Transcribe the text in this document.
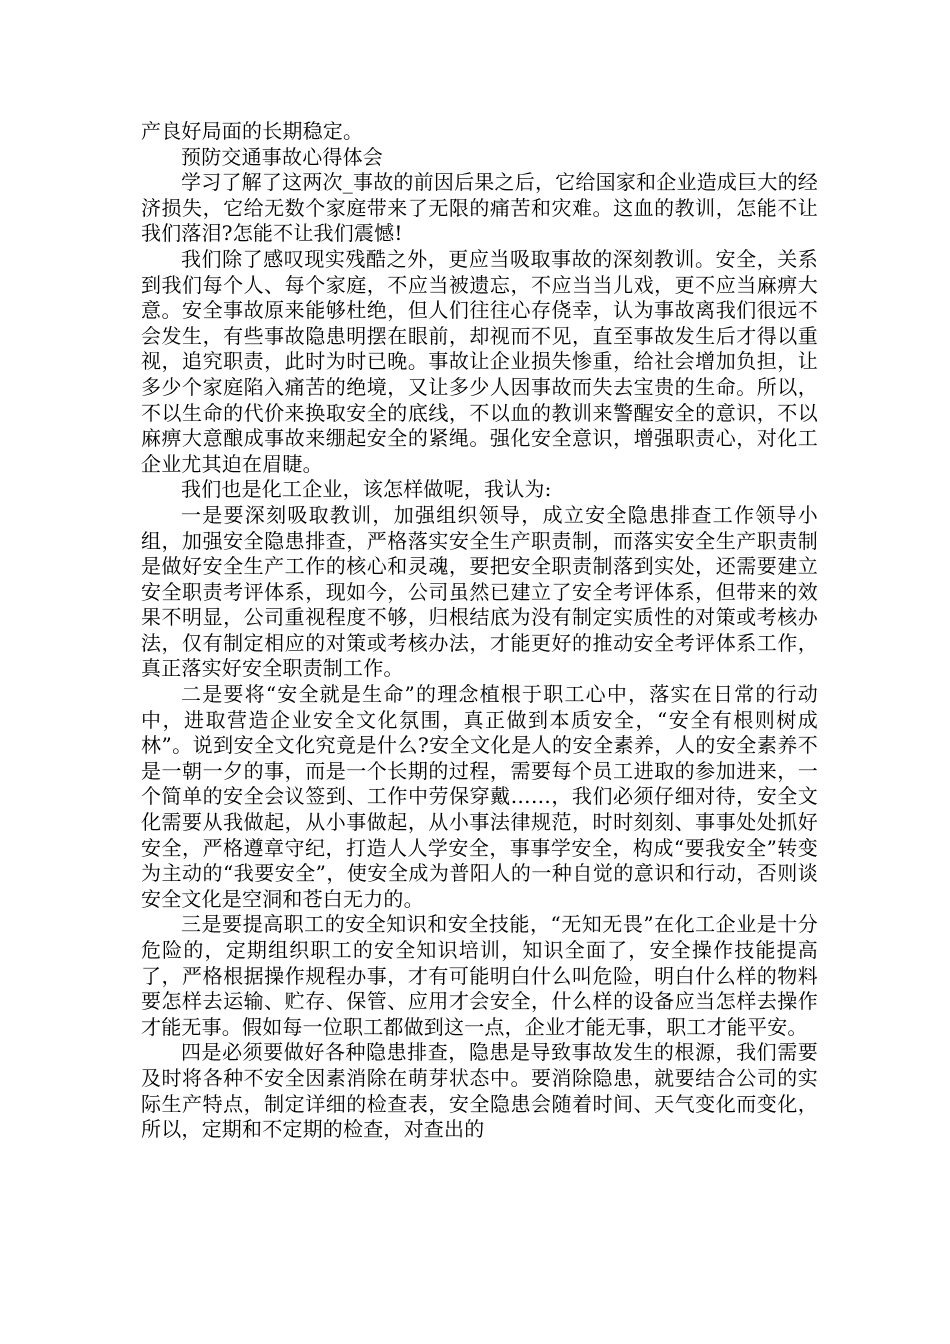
产良好局面的长期稳定。

预防交通事故心得体会

学习了解了这两次_事故的前因后果之后，它给国家和企业造成巨大的经济损失，它给无数个家庭带来了无限的痛苦和灾难。这血的教训，怎能不让我们落泪?怎能不让我们震憾!

我们除了感叹现实残酷之外，更应当吸取事故的深刻教训。安全，关系到我们每个人、每个家庭，不应当被遗忘，不应当当儿戏，更不应当麻痹大意。安全事故原来能够杜绝，但人们往往心存侥幸，认为事故离我们很远不会发生，有些事故隐患明摆在眼前，却视而不见，直至事故发生后才得以重视，追究职责，此时为时已晚。事故让企业损失惨重，给社会增加负担，让多少个家庭陷入痛苦的绝境，又让多少人因事故而失去宝贵的生命。所以，不以生命的代价来换取安全的底线，不以血的教训来警醒安全的意识，不以麻痹大意酿成事故来绷起安全的紧绳。强化安全意识，增强职责心，对化工企业尤其迫在眉睫。

我们也是化工企业，该怎样做呢，我认为:

一是要深刻吸取教训，加强组织领导，成立安全隐患排查工作领导小组，加强安全隐患排查，严格落实安全生产职责制，而落实安全生产职责制是做好安全生产工作的核心和灵魂，要把安全职责制落到实处，还需要建立安全职责考评体系，现如今，公司虽然已建立了安全考评体系，但带来的效果不明显，公司重视程度不够，归根结底为没有制定实质性的对策或考核办法，仅有制定相应的对策或考核办法，才能更好的推动安全考评体系工作，真正落实好安全职责制工作。

二是要将“安全就是生命”的理念植根于职工心中，落实在日常的行动中，进取营造企业安全文化氛围，真正做到本质安全，“安全有根则树成林”。说到安全文化究竟是什么?安全文化是人的安全素养，人的安全素养不是一朝一夕的事，而是一个长期的过程，需要每个员工进取的参加进来，一个简单的安全会议签到、工作中劳保穿戴……，我们必须仔细对待，安全文化需要从我做起，从小事做起，从小事法律规范，时时刻刻、事事处处抓好安全，严格遵章守纪，打造人人学安全，事事学安全，构成“要我安全”转变为主动的“我要安全”，使安全成为普阳人的一种自觉的意识和行动，否则谈安全文化是空洞和苍白无力的。

三是要提高职工的安全知识和安全技能，“无知无畏”在化工企业是十分危险的，定期组织职工的安全知识培训，知识全面了，安全操作技能提高了，严格根据操作规程办事，才有可能明白什么叫危险，明白什么样的物料要怎样去运输、贮存、保管、应用才会安全，什么样的设备应当怎样去操作才能无事。假如每一位职工都做到这一点，企业才能无事，职工才能平安。

四是必须要做好各种隐患排查，隐患是导致事故发生的根源，我们需要及时将各种不安全因素消除在萌芽状态中。要消除隐患，就要结合公司的实际生产特点，制定详细的检查表，安全隐患会随着时间、天气变化而变化，所以，定期和不定期的检查，对查出的
